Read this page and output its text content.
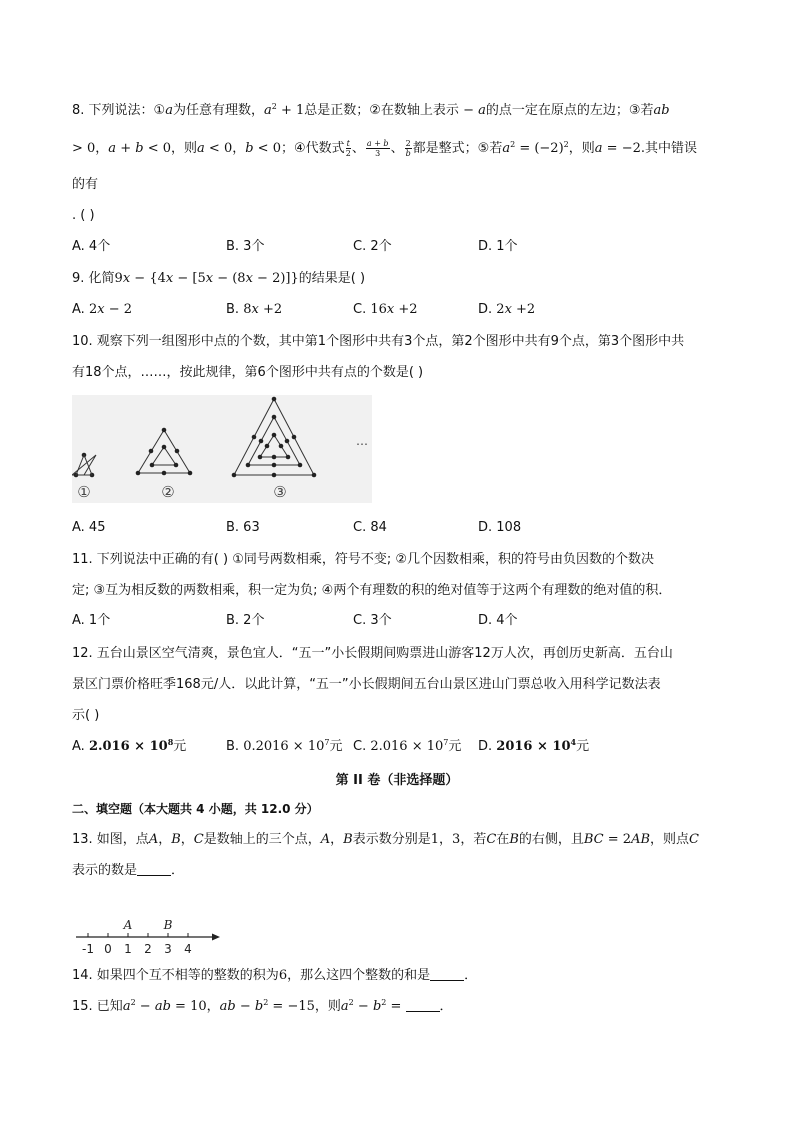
8. 下列说法：①a为任意有理数，$a^2 + 1$总是正数；②在数轴上表示 − a的点一定在原点的左边；③若ab
> 0，a + b < 0，则a < 0，b < 0；④代数式 $\frac{t}{2}$ 、 $\frac{a + b}{3}$ 、 $\frac{2}{b}$ 都是整式；⑤若$a^2 = (-2)^2$，则a = −2.其中错误
的有
. ( )
A. 4个	B. 3个	C. 2个	D. 1个
9. 化简9x − {4x − [5x − (8x − 2)]}的结果是( )
A. 2x − 2	B. 8x +2	C. 16x +2	D. 2x +2
10. 观察下列一组图形中点的个数，其中第1个图形中共有3个点，第2个图形中共有9个点，第3个图形中共
有18个点，……，按此规律，第6个图形中共有点的个数是( )
①	②	③
…
A. 45	B. 63	C. 84	D. 108
11. 下列说法中正确的有( ) ①同号两数相乘，符号不变; ②几个因数相乘，积的符号由负因数的个数决
定; ③互为相反数的两数相乘，积一定为负; ④两个有理数的积的绝对值等于这两个有理数的绝对值的积．
A. 1个	B. 2个	C. 3个	D. 4个
12. 五台山景区空气清爽，景色宜人．“五一”小长假期间购票进山游客12万人次，再创历史新高．五台山
景区门票价格旺季168元/人．以此计算，“五一”小长假期间五台山景区进山门票总收入用科学记数法表
示( )
A. $2.016 \times 10^8$元	B. $0.2016 \times 10^7$元 C. $2.016 \times 10^7$元 D. $2016 \times 10^4$元
第 II 卷（非选择题）
二、填空题（本大题共 4 小题，共 12.0 分）
13. 如图，点A，B，C是数轴上的三个点，A，B表示数分别是1，3，若C在B的右侧，且BC = 2AB，则点C
表示的数是	．
-1 0 1 2 3 4
A	B
14. 如果四个互不相等的整数的积为6，那么这四个整数的和是	．
15. 已知$a^2$ − ab = 10，ab − $b^2 = -15$，则$a^2 - b^2$ =	．
